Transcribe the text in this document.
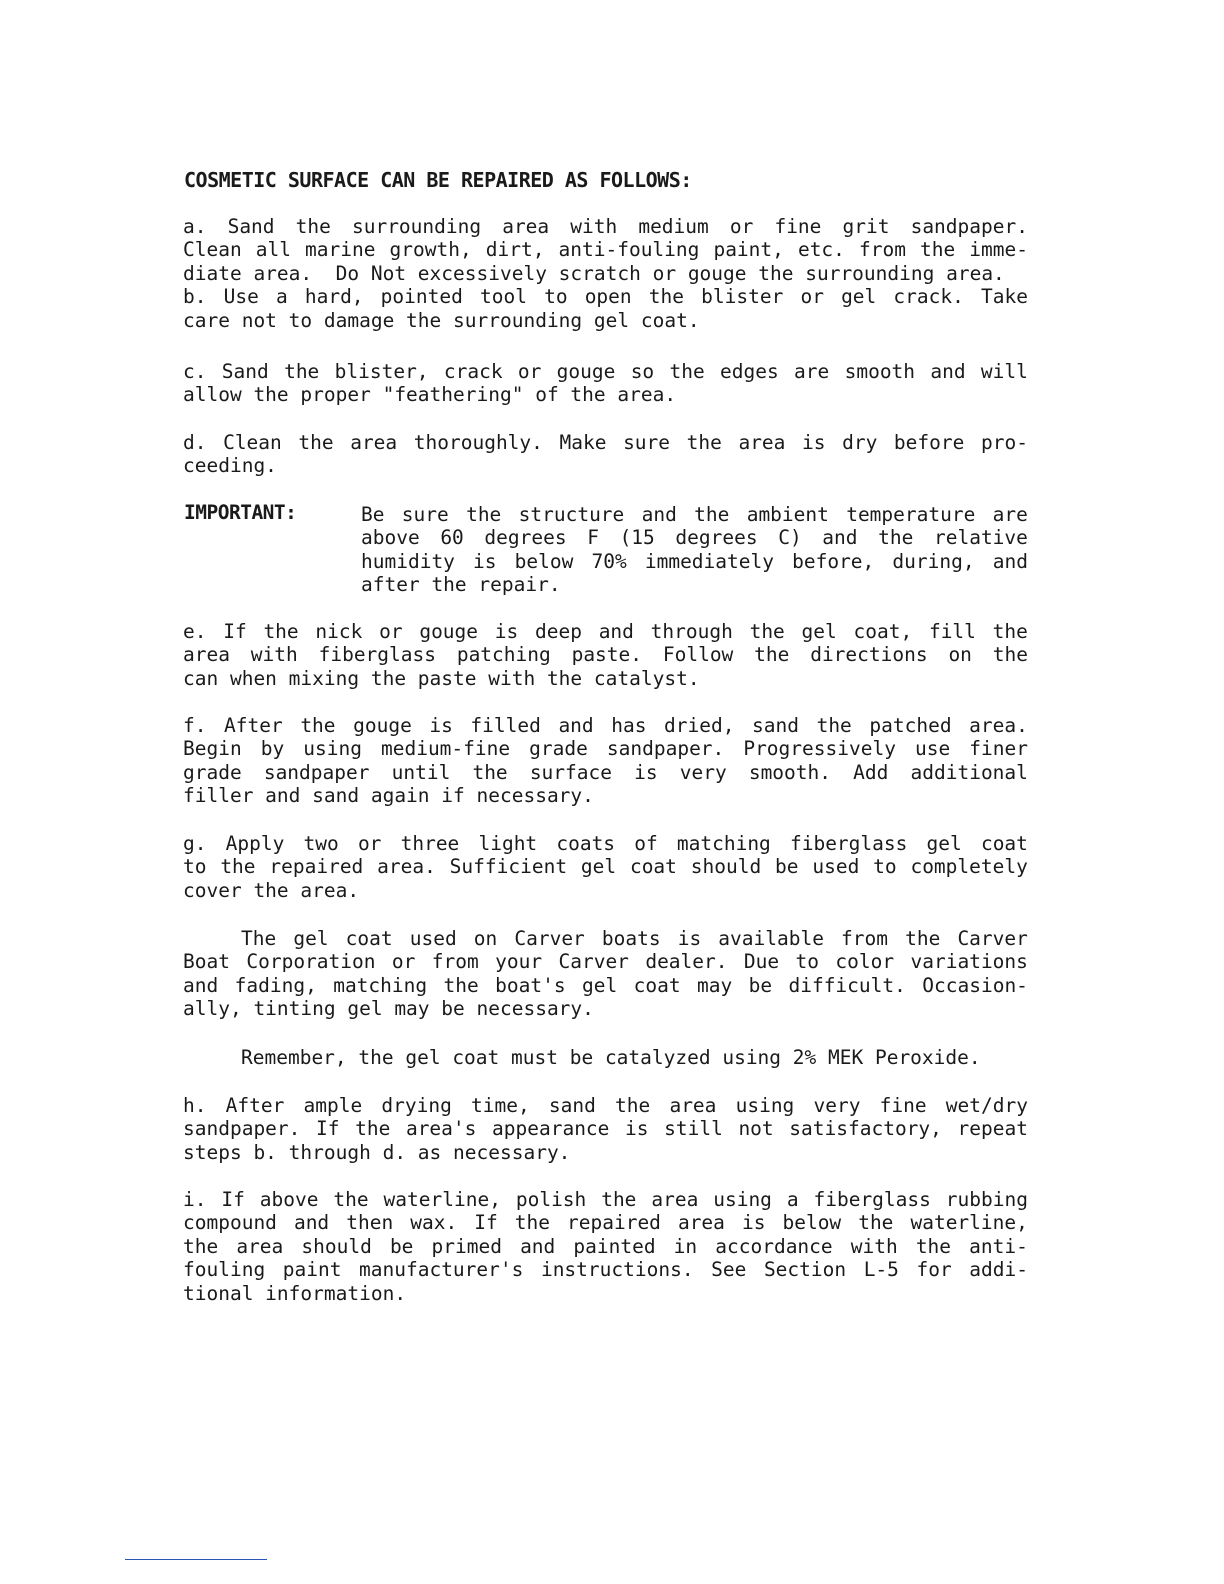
COSMETIC SURFACE CAN BE REPAIRED AS FOLLOWS:
a. Sand the surrounding area with medium or fine grit sandpaper.
Clean all marine growth, dirt, anti-fouling paint, etc. from the imme-
diate area.  Do Not excessively scratch or gouge the surrounding area.
b. Use a hard, pointed tool to open the blister or gel crack. Take
care not to damage the surrounding gel coat.
c. Sand the blister, crack or gouge so the edges are smooth and will
allow the proper "feathering" of the area.
d. Clean the area thoroughly. Make sure the area is dry before pro-
ceeding.
IMPORTANT:	Be sure the structure and the ambient temperature are
above 60 degrees F (15 degrees C) and the relative
humidity is below 70% immediately before, during, and
after the repair.
e. If the nick or gouge is deep and through the gel coat, fill the
area with fiberglass patching paste. Follow the directions on the
can when mixing the paste with the catalyst.
f. After the gouge is filled and has dried, sand the patched area.
Begin by using medium-fine grade sandpaper. Progressively use finer
grade sandpaper until the surface is very smooth. Add additional
filler and sand again if necessary.
g. Apply two or three light coats of matching fiberglass gel coat
to the repaired area. Sufficient gel coat should be used to completely
cover the area.
The gel coat used on Carver boats is available from the Carver
Boat Corporation or from your Carver dealer. Due to color variations
and fading, matching the boat's gel coat may be difficult. Occasion-
ally, tinting gel may be necessary.
Remember, the gel coat must be catalyzed using 2% MEK Peroxide.
h. After ample drying time, sand the area using very fine wet/dry
sandpaper. If the area's appearance is still not satisfactory, repeat
steps b. through d. as necessary.
i. If above the waterline, polish the area using a fiberglass rubbing
compound and then wax. If the repaired area is below the waterline,
the area should be primed and painted in accordance with the anti-
fouling paint manufacturer's instructions. See Section L-5 for addi-
tional information.
